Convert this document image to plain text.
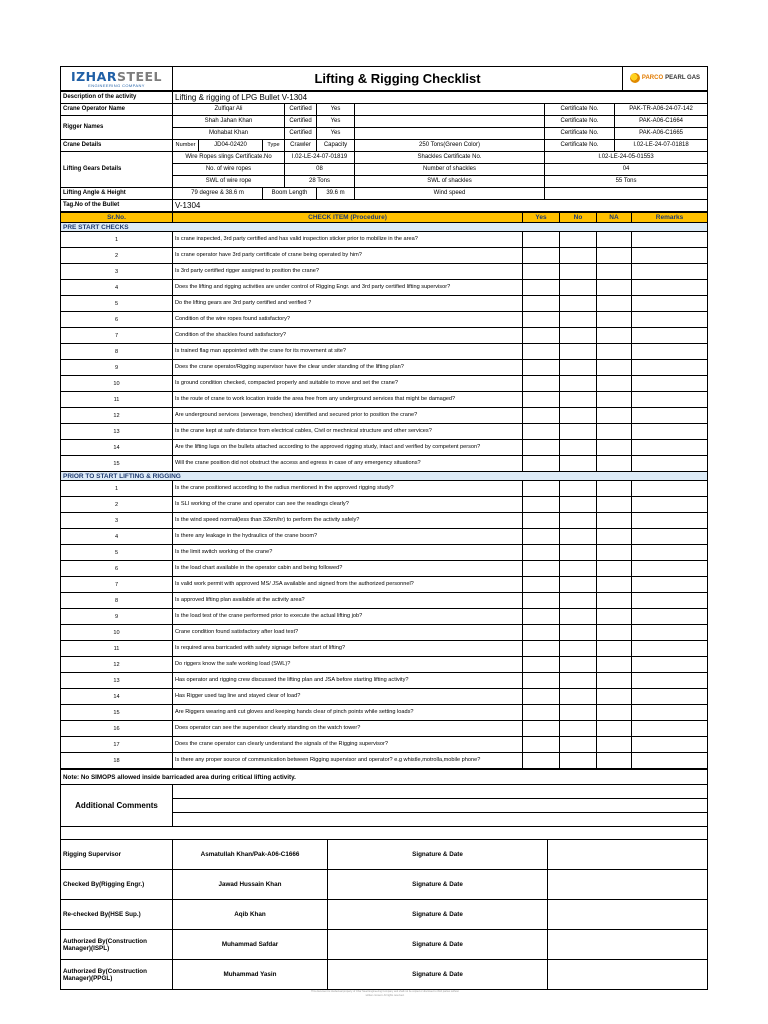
IZHARSTEEL
ENGINEERING COMPANY	Lifting & Rigging Checklist	PARCO PEARL GAS
Description of the activity	Lifting & rigging of LPG Bullet V-1304							
Crane Operator Name	Zulfiqar Ali			Certified	Yes		Certificate No.	PAK-TR-A06-24-07-142
Rigger Names	Shah Jahan Khan			Certified	Yes		Certificate No.	PAK-A06-C1664
	Mohabat Khan			Certified	Yes		Certificate No.	PAK-A06-C1665
Crane Details	Number	JD04-02420	Type	Crawler	Capacity	250 Tons(Green Color)	Certificate No.	I.02-LE-24-07-01818
Lifting Gears Details	Wire Ropes slings Certificate.No			I.02-LE-24-07-01819		Shackles Certificate No.	I.02-LE-24-05-01553	
	No. of wire ropes			08		Number of shackles	04	
	SWL of wire rope			28 Tons		SWL of shackles	55 Tons	
Lifting Angle & Height	79 degree & 38.6 m		Boom Length		39.6 m	Wind speed		
Tag.No of the Bullet	V-1304							
Sr.No.	CHECK ITEM (Procedure)	Yes	No	NA	Remarks
PRE START CHECKS					
1	Is crane inspected, 3rd party certified and has valid inspection sticker prior to mobilize in the area?				
2	Is crane operator have 3rd party certificate of crane being operated by him?				
3	Is 3rd party certified rigger assigned to position the crane?				
4	Does the lifting and rigging activities are under control of Rigging Engr. and 3rd party certified lifting supervisor?				
5	Do the lifting gears are 3rd party certified and verified ?				
6	Condition of the wire ropes found satisfactory?				
7	Condition of the shackles found satisfactory?				
8	Is trained flag man appointed with the crane for its movement at site?				
9	Does the crane operator/Rigging supervisor have the clear under standing of the lifting plan?				
10	Is ground condition checked, compacted properly and suitable to move and set the crane?				
11	Is the route of crane to work location inside the area free from any underground services that might be damaged?				
12	Are underground services (sewerage, trenches) identified and secured prior to position the crane?				
13	Is the crane kept at safe distance from electrical cables, Civil or mechnical structure and other services?				
14	Are the lifting lugs on the bullets attached according to the approved rigging study, intact and verified by competent person?				
15	Will the crane position did not obstruct the access and egress in case of any emergency situations?				
PRIOR TO START LIFTING & RIGGING					
1	Is the crane positioned according to the radius mentioned in the approved rigging study?				
2	Is SLI working of the crane and operator can see the readings clearly?				
3	Is the wind speed normal(less than 32km/hr) to perform the activity safely?				
4	Is there any leakage in the hydraulics of the crane boom?				
5	Is the limit switch working of the crane?				
6	Is the load chart available in the operator cabin and being followed?				
7	Is valid work permit with approved MS/ JSA available and signed from the authorized personnel?				
8	Is approved lifting plan available at the activity area?				
9	Is the load test of the crane performed prior to execute the actual lifting job?				
10	Crane condition found satisfactory after load test?				
11	Is required area barricaded with safety signage before start of lifting?				
12	Do riggers know the safe working load (SWL)?				
13	Has operator and rigging crew discussed the lifting plan and JSA before starting lifting activity?				
14	Has Rigger used tag line and stayed clear of load?				
15	Are Riggers wearing anti cut gloves and keeping hands clear of pinch points while setting loads?				
16	Does operator can see the supervisor clearly standing on the watch tower?				
17	Does the crane operator can clearly understand the signals of the Rigging supervisor?				
18	Is there any proper source of communication between Rigging supervisor and operator? e.g whistle,motrolla,mobile phone?				
Note: No SIMOPS allowed inside barricaded area during critical lifting activity.			
Additional Comments			

Rigging Supervisor	Asmatullah Khan/Pak-A06-C1666	Signature & Date	
Checked By(Rigging Engr.)	Jawad Hussain Khan	Signature & Date	
Re-checked By(HSE Sup.)	Aqib Khan	Signature & Date	
Authorized By(Construction Manager)(ISPL)	Muhammad Safdar	Signature & Date	
Authorized By(Construction Manager)(PPGL)	Muhammad Yasin	Signature & Date	
This document is intellectual property of Izhar Steel Engineering Company and shall not be copied or disclosed to third parties without written consent. All rights reserved.
